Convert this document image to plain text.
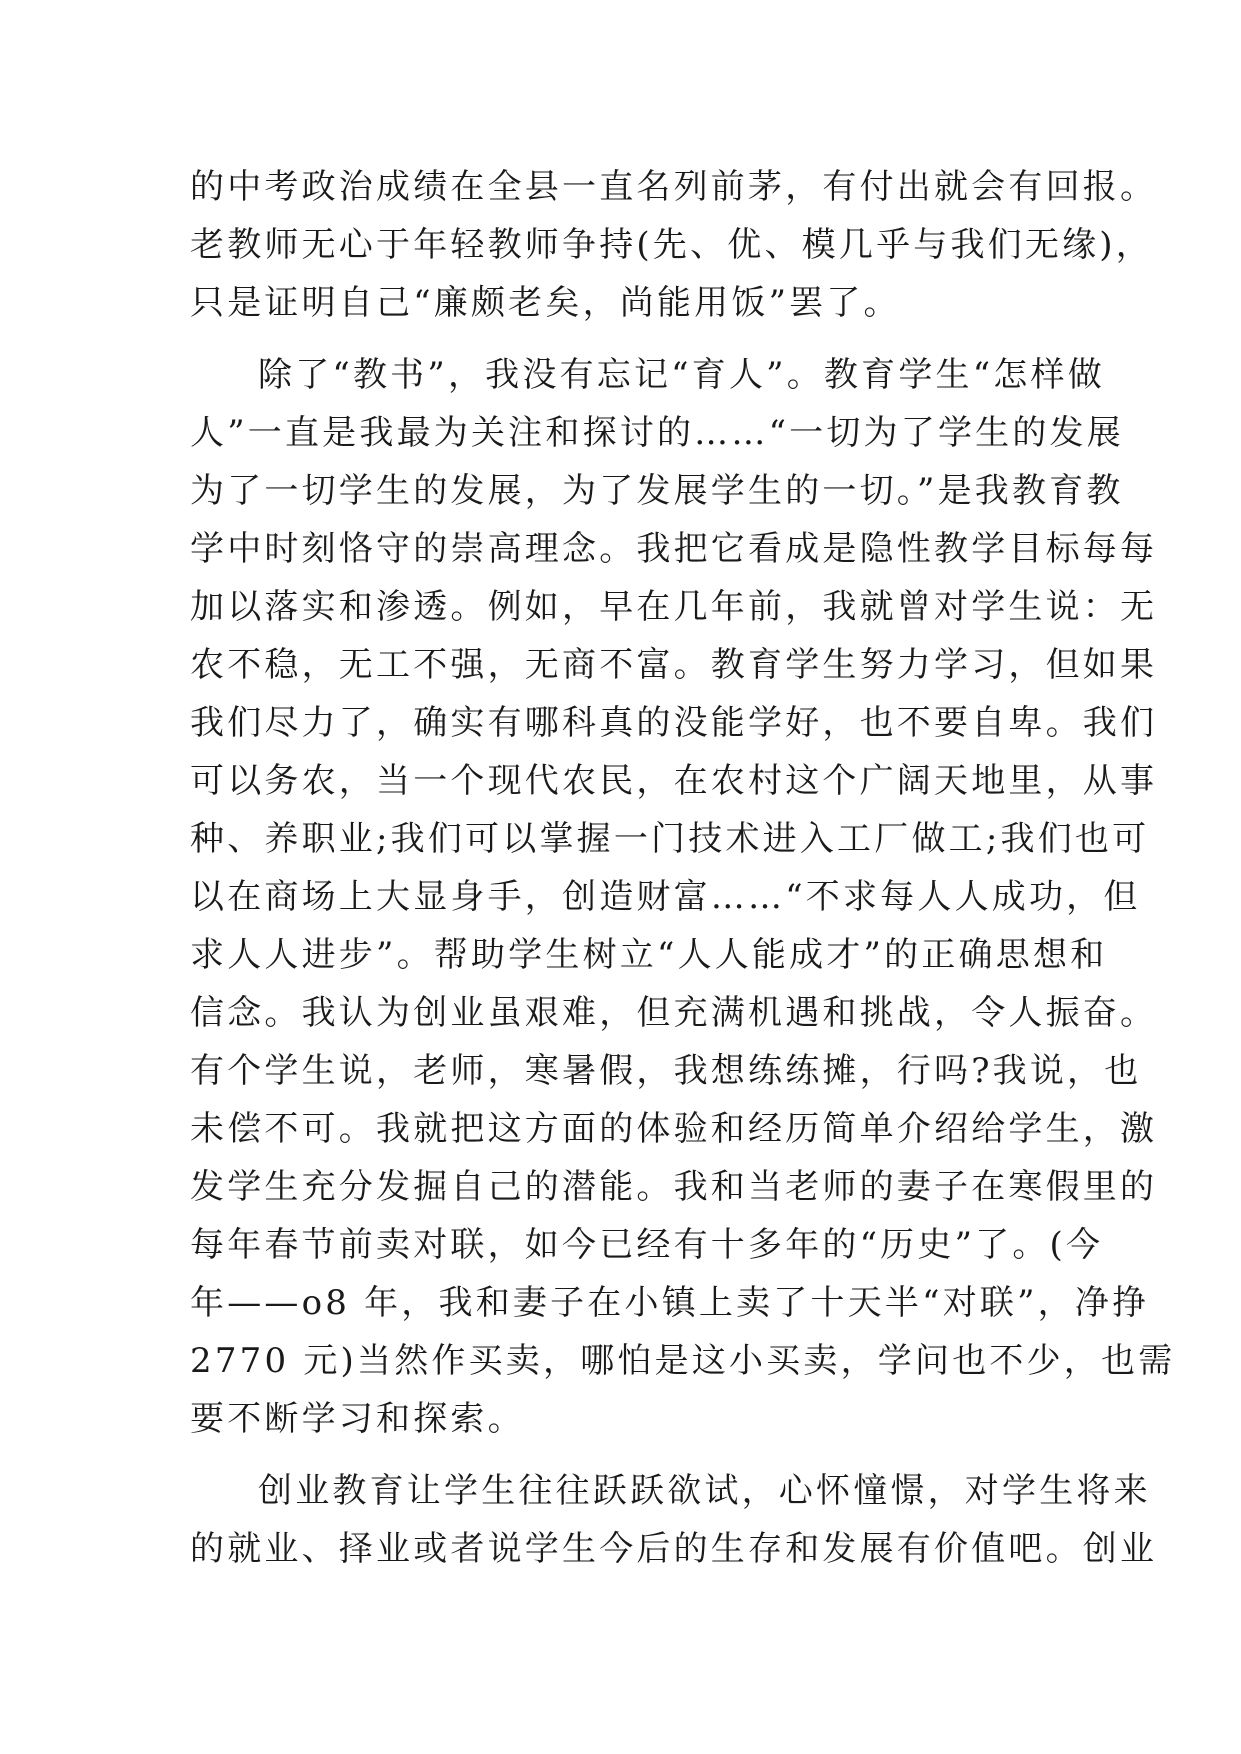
的中考政治成绩在全县一直名列前茅，有付出就会有回报。
老教师无心于年轻教师争持(先、优、模几乎与我们无缘)，
只是证明自己“廉颇老矣，尚能用饭”罢了。
除了“教书”，我没有忘记“育人”。教育学生“怎样做
人”一直是我最为关注和探讨的……“一切为了学生的发展
为了一切学生的发展，为了发展学生的一切。”是我教育教
学中时刻恪守的崇高理念。我把它看成是隐性教学目标每每
加以落实和渗透。例如，早在几年前，我就曾对学生说：无
农不稳，无工不强，无商不富。教育学生努力学习，但如果
我们尽力了，确实有哪科真的没能学好，也不要自卑。我们
可以务农，当一个现代农民，在农村这个广阔天地里，从事
种、养职业;我们可以掌握一门技术进入工厂做工;我们也可
以在商场上大显身手，创造财富……“不求每人人成功，但
求人人进步”。帮助学生树立“人人能成才”的正确思想和
信念。我认为创业虽艰难，但充满机遇和挑战，令人振奋。
有个学生说，老师，寒暑假，我想练练摊，行吗?我说，也
未偿不可。我就把这方面的体验和经历简单介绍给学生，激
发学生充分发掘自己的潜能。我和当老师的妻子在寒假里的
每年春节前卖对联，如今已经有十多年的“历史”了。(今
年——o8 年，我和妻子在小镇上卖了十天半“对联”，净挣
2770 元)当然作买卖，哪怕是这小买卖，学问也不少，也需
要不断学习和探索。
创业教育让学生往往跃跃欲试，心怀憧憬，对学生将来
的就业、择业或者说学生今后的生存和发展有价值吧。创业
